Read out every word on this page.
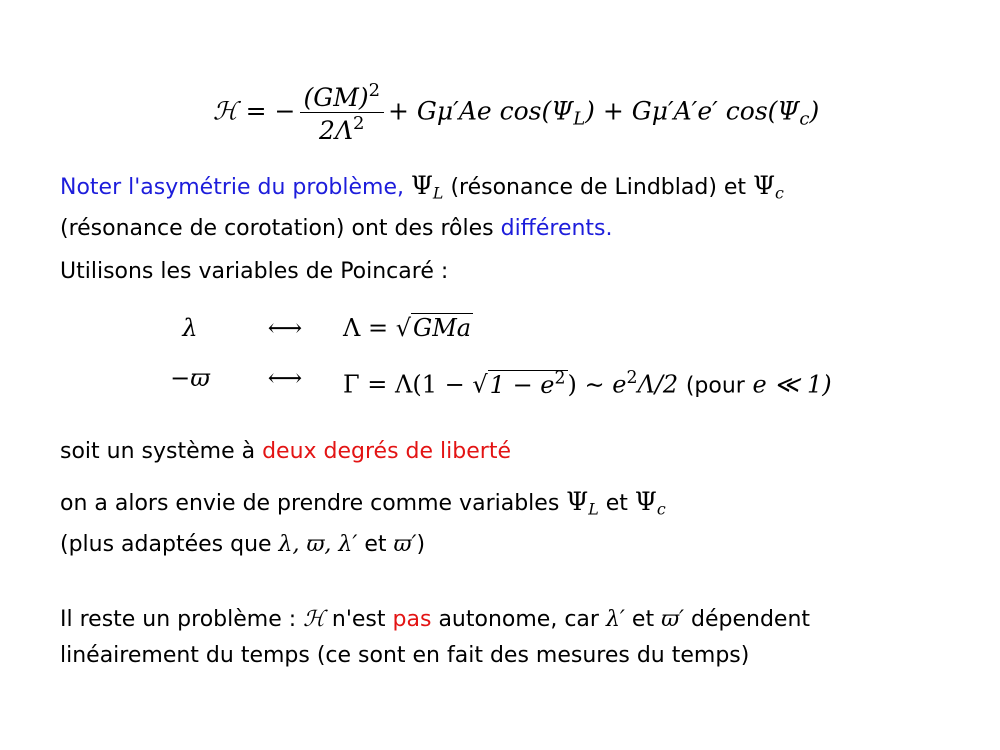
ℋ = − $\frac{(GM)^2}{2\Lambda^2} + G\mu'Ae$ $\cos(\Psi_L) + G\mu'A'e'$ $\cos(\Psi_c)$
Noter l'asymétrie du problème, $\Psi_L$ (résonance de Lindblad) et $\Psi_c$
(résonance de corotation) ont des rôles différents.
Utilisons les variables de Poincaré :
λ	⟷	Λ = √GMa
−ϖ	⟷	$\Gamma = \Lambda(1 - √1 - e^2)$ ∼ $e^2\Lambda/2$ (pour e ≪ 1)
soit un système à deux degrés de liberté
on a alors envie de prendre comme variables $\Psi_L$ et $\Psi_c$
(plus adaptées que λ, ϖ, λ′ et ϖ′)
Il reste un problème : ℋ n'est pas autonome, car λ′ et ϖ′ dépendent
linéairement du temps (ce sont en fait des mesures du temps)
